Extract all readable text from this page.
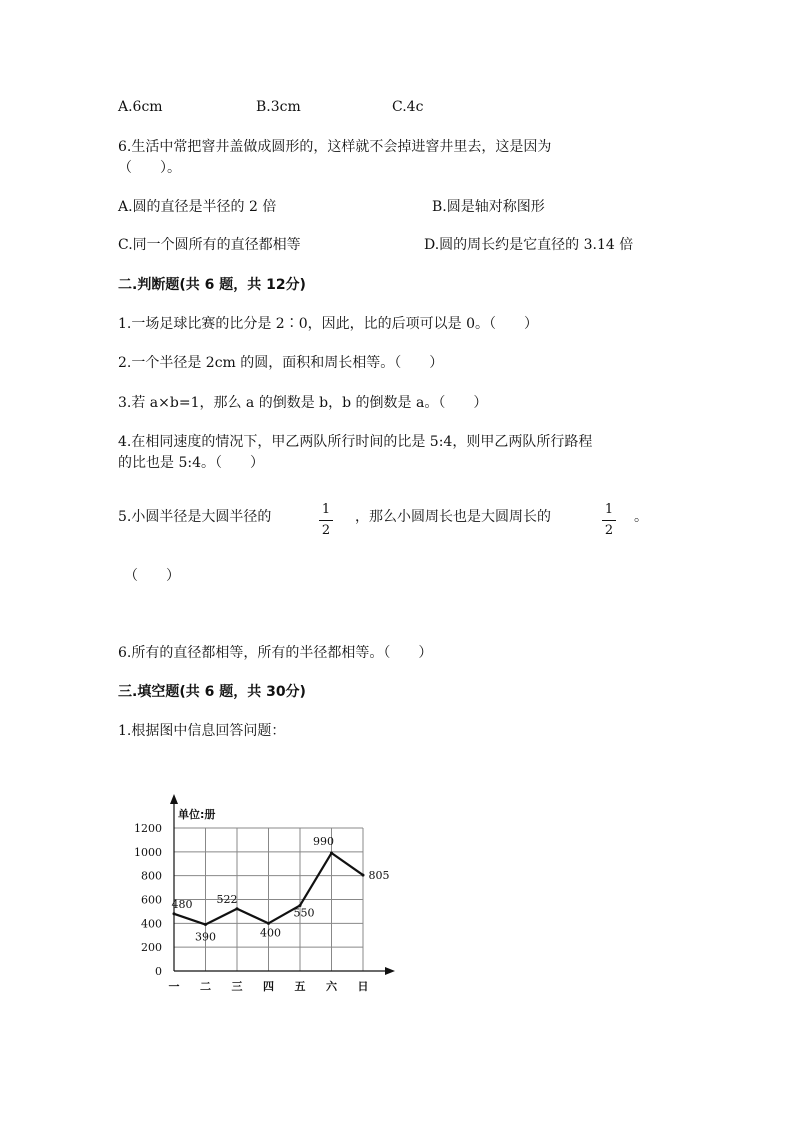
A.6cm	B.3cm	C.4c
6.生活中常把窨井盖做成圆形的，这样就不会掉进窨井里去，这是因为
（　　）。
A.圆的直径是半径的 2 倍	B.圆是轴对称图形
C.同一个圆所有的直径都相等	D.圆的周长约是它直径的 3.14 倍
二.判断题(共 6 题，共 12分)
1.一场足球比赛的比分是 2∶0，因此，比的后项可以是 0。（　　）
2.一个半径是 2cm 的圆，面积和周长相等。（　　）
3.若 a×b=1，那么 a 的倒数是 b，b 的倒数是 a。（　　）
4.在相同速度的情况下，甲乙两队所行时间的比是 5:4，则甲乙两队所行路程
的比也是 5:4。（　　）
5.小圆半径是大圆半径的	1
2
，那么小圆周长也是大圆周长的	1
2
。
（　　）
6.所有的直径都相等，所有的半径都相等。（　　）
三.填空题(共 6 题，共 30分)
1.根据图中信息回答问题：
单位:册
0
200
400
600
800
1000
1200
一 二 三 四 五 六 日
480
390
522
400
550
990
805
